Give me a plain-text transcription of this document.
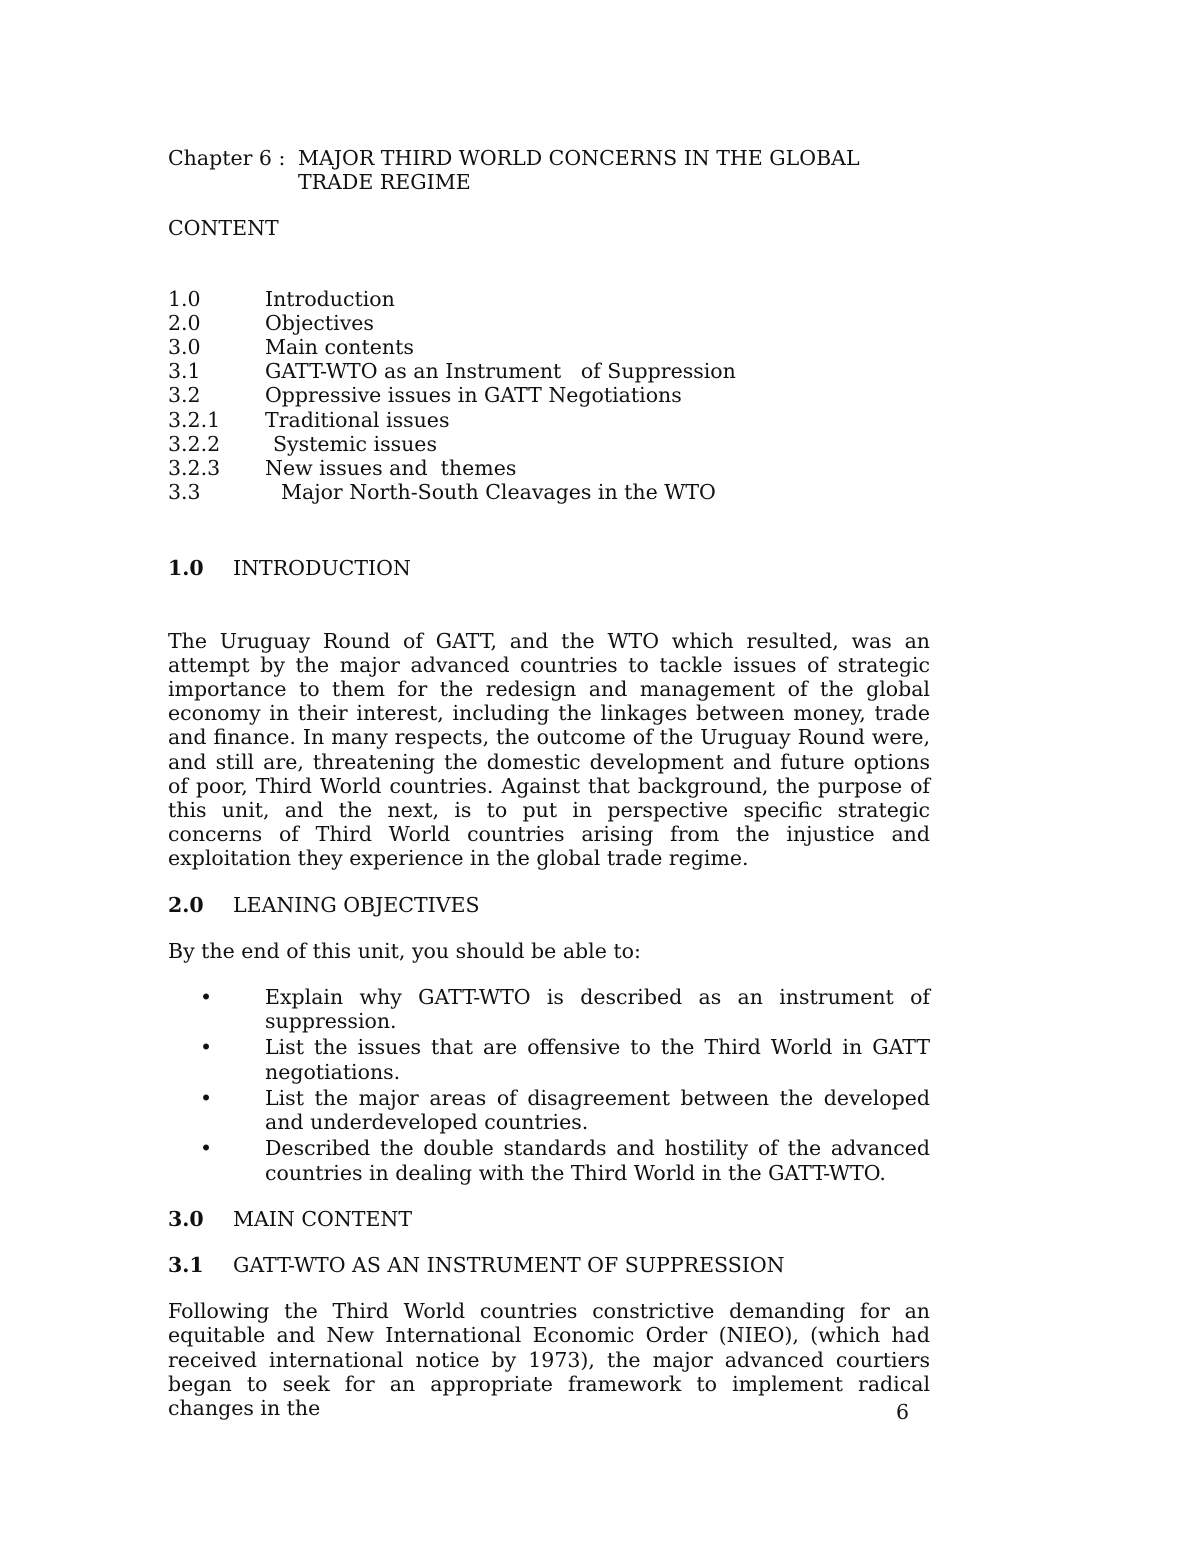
Chapter 6 : MAJOR THIRD WORLD CONCERNS IN THE GLOBAL
TRADE REGIME
CONTENT
1.0	Introduction
2.0	Objectives
3.0	Main contents
3.1	GATT-WTO as an Instrument   of Suppression
3.2	Oppressive issues in GATT Negotiations
3.2.1	Traditional issues
3.2.2	Systemic issues
3.2.3	New issues and  themes
3.3	Major North-South Cleavages in the WTO
1.0	INTRODUCTION
The Uruguay Round of GATT, and the WTO which resulted, was an attempt by the major advanced countries to tackle issues of strategic importance to them for the redesign and management of the global economy in their interest, including the linkages between money, trade and finance. In many respects, the outcome of the Uruguay Round were, and still are, threatening the domestic development and future options of poor, Third World countries. Against that background, the purpose of this unit, and the next, is to put in perspective specific strategic concerns of Third World countries arising from the injustice and exploitation they experience in the global trade regime.
2.0	LEANING OBJECTIVES
By the end of this unit, you should be able to:
•	Explain why GATT-WTO is described as an instrument of suppression.
•	List the issues that are offensive to the Third World in GATT negotiations.
•	List the major areas of disagreement between the developed and underdeveloped countries.
•	Described the double standards and hostility of the advanced countries in dealing with the Third World in the GATT-WTO.
3.0	MAIN CONTENT
3.1	GATT-WTO AS AN INSTRUMENT OF SUPPRESSION
Following the Third World countries constrictive demanding for an equitable and New International Economic Order (NIEO), (which had received international notice by 1973), the major advanced courtiers began to seek for an appropriate framework to implement radical changes in the	6
